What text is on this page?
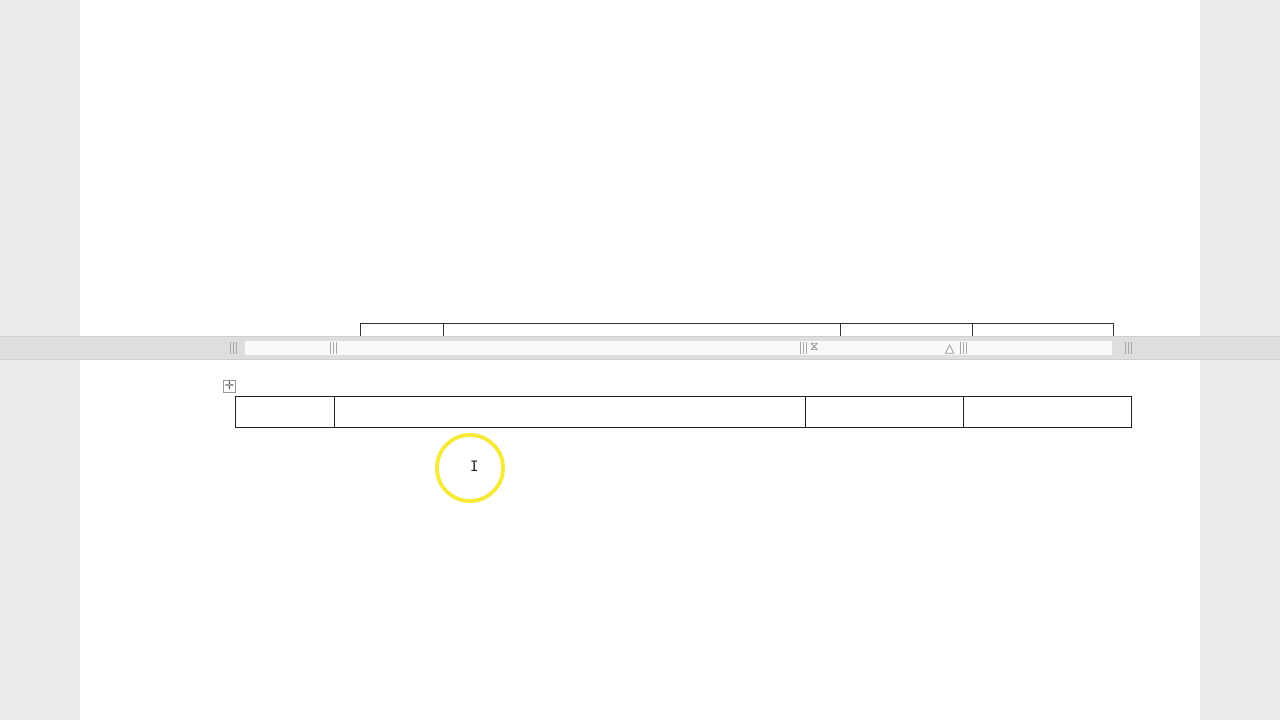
⧖	△
✛

I
